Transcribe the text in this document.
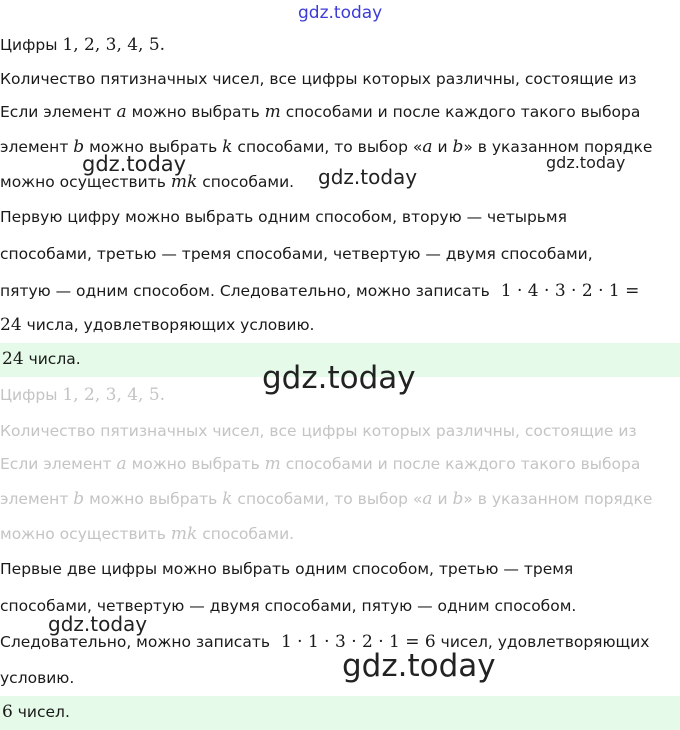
gdz.today
Цифры 1, 2, 3, 4, 5.
Количество пятизначных чисел, все цифры которых различны, состоящие из
Если элемент a можно выбрать m способами и после каждого такого выбора
элемент b можно выбрать k способами, то выбор «a и b» в указанном порядке
можно осуществить mk способами.
Первую цифру можно выбрать одним способом, вторую — четырьмя
способами, третью — тремя способами, четвертую — двумя способами,
пятую — одним способом. Следовательно, можно записать 1 · 4 · 3 · 2 · 1 =
24 числа, удовлетворяющих условию.
24 числа.
Цифры 1, 2, 3, 4, 5.
Количество пятизначных чисел, все цифры которых различны, состоящие из
Если элемент a можно выбрать m способами и после каждого такого выбора
элемент b можно выбрать k способами, то выбор «a и b» в указанном порядке
можно осуществить mk способами.
Первые две цифры можно выбрать одним способом, третью — тремя
способами, четвертую — двумя способами, пятую — одним способом.
Следовательно, можно записать 1 · 1 · 3 · 2 · 1 = 6 чисел, удовлетворяющих
условию.
6 чисел.
gdz.today
gdz.today
gdz.today
gdz.today
gdz.today
gdz.today
